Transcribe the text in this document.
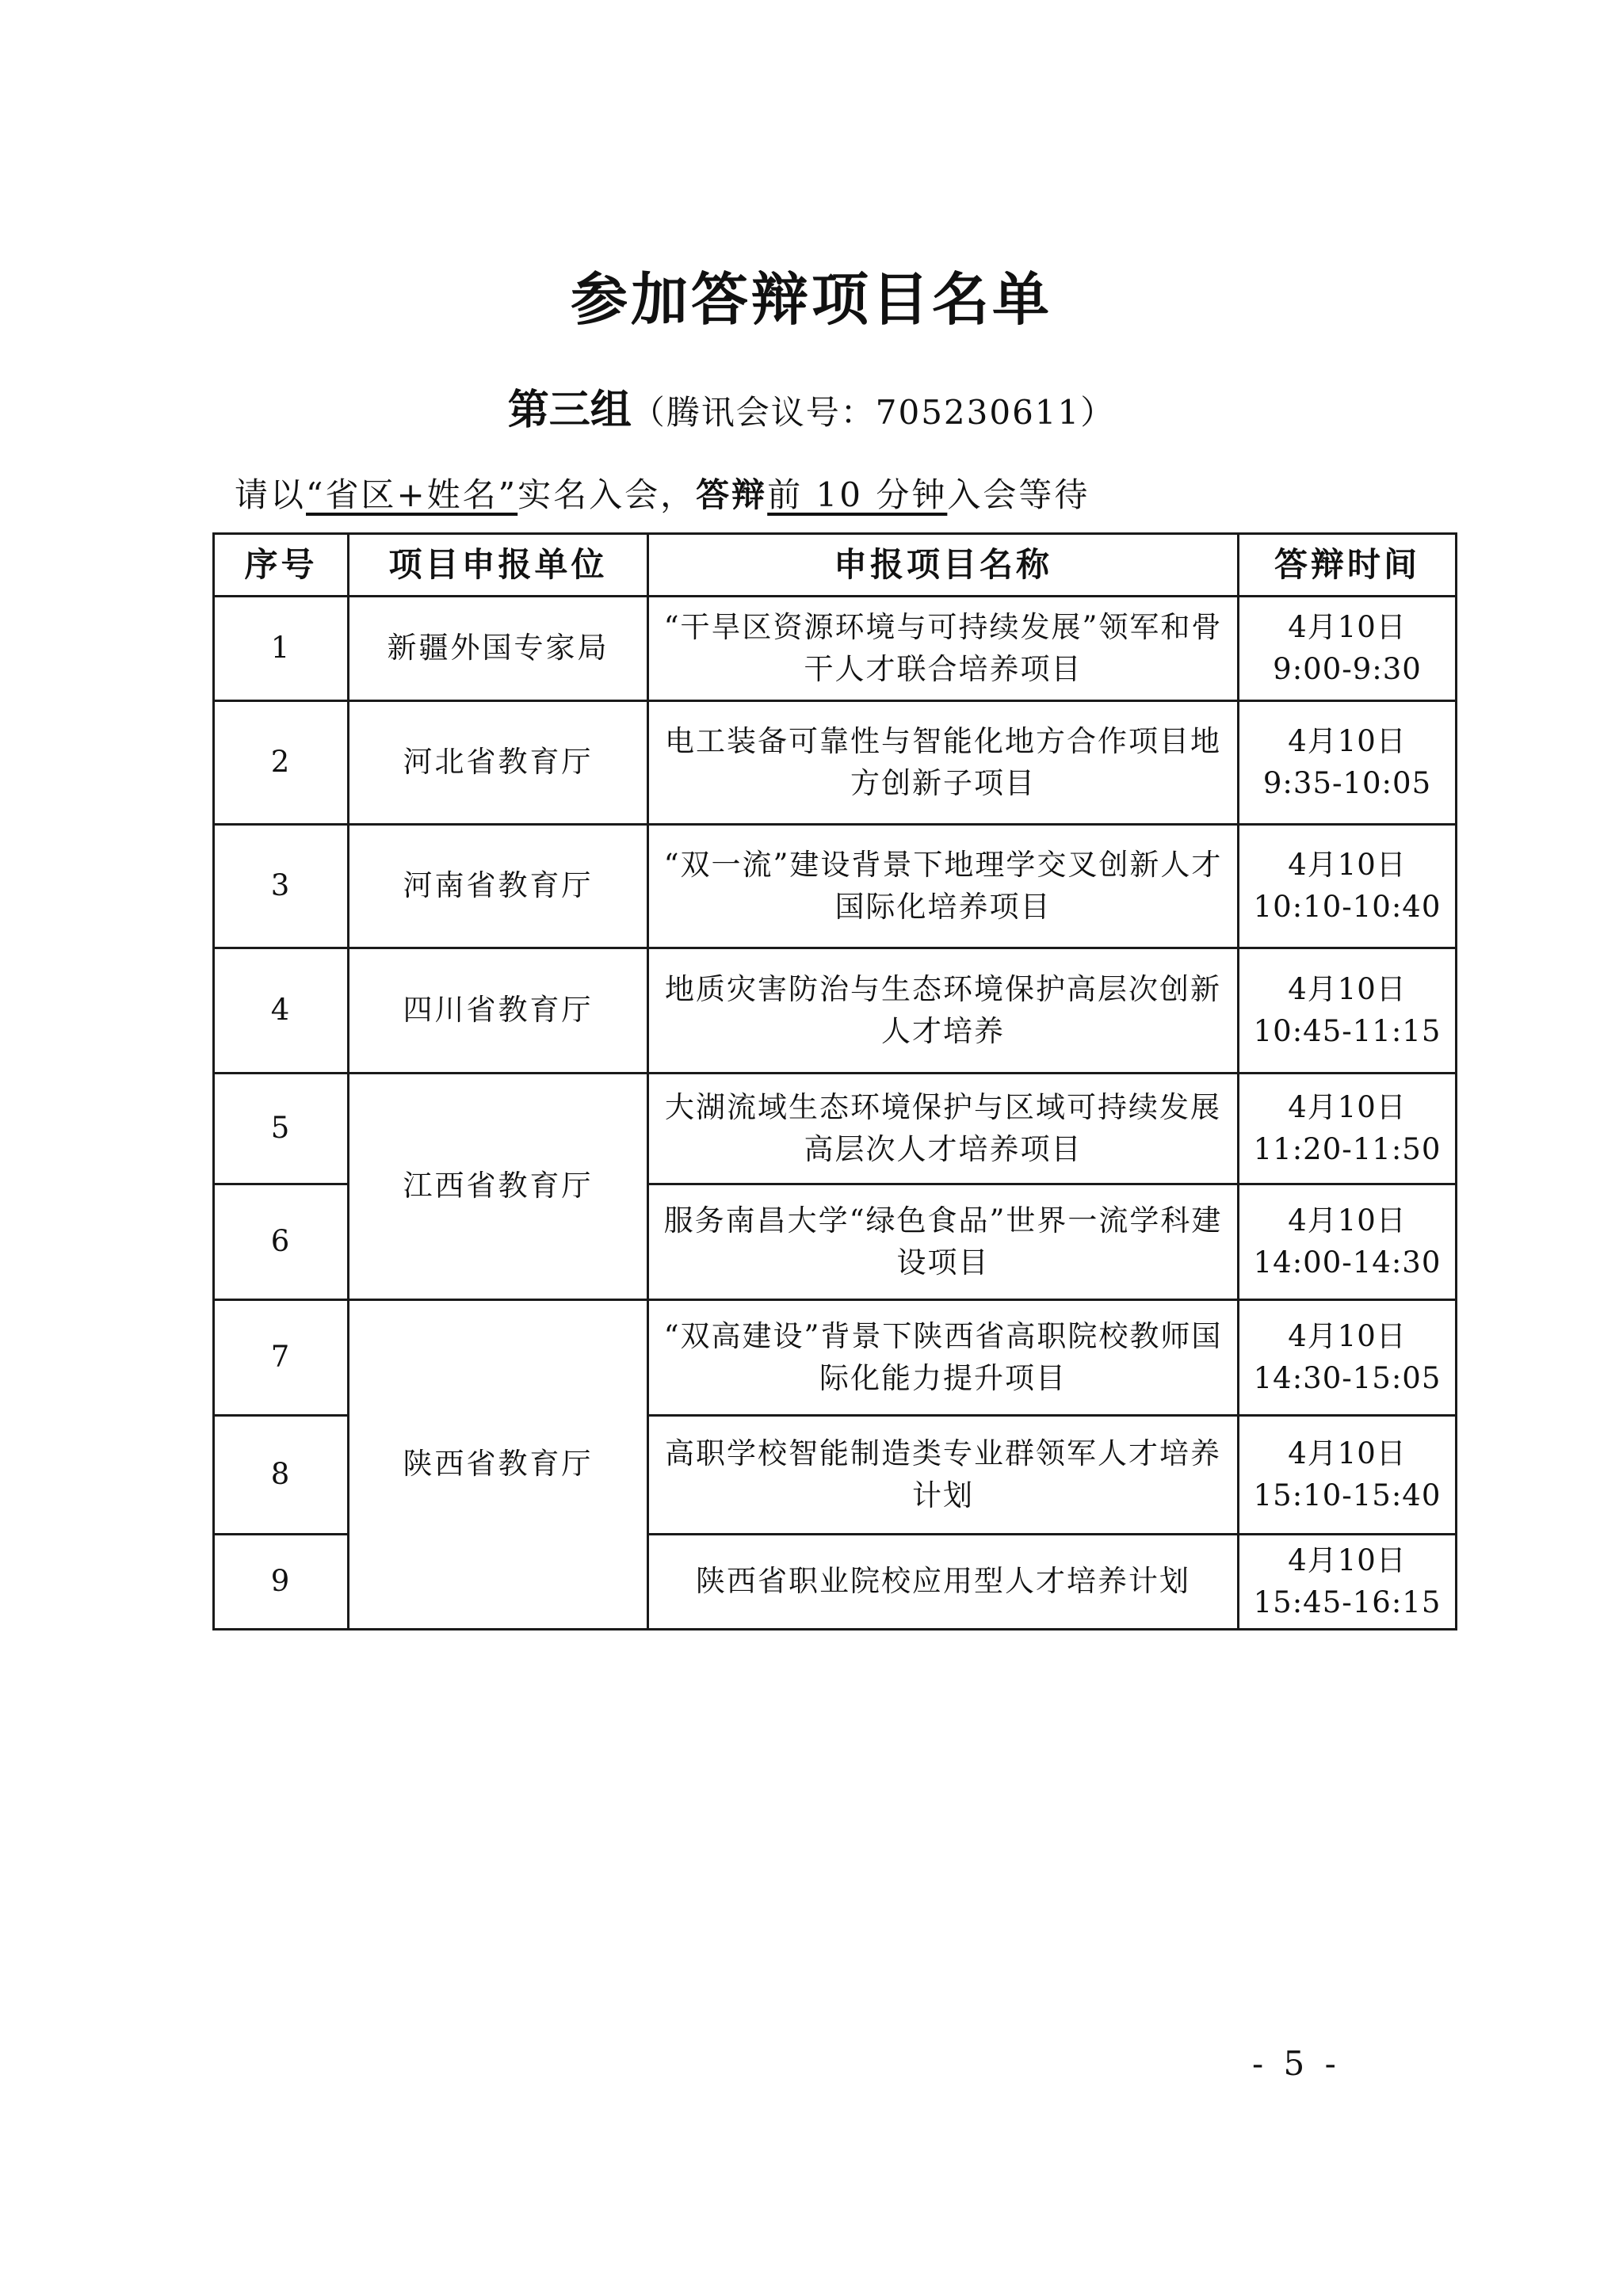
参加答辩项目名单
第三组（腾讯会议号：705230611）
请以“省区+姓名”实名入会，答辩前 10 分钟入会等待
序号	项目申报单位	申报项目名称	答辩时间
1	新疆外国专家局	“干旱区资源环境与可持续发展”领军和骨干人才联合培养项目	4月10日
9:00-9:30

2	河北省教育厅	电工装备可靠性与智能化地方合作项目地方创新子项目	4月10日
9:35-10:05

3	河南省教育厅	“双一流”建设背景下地理学交叉创新人才国际化培养项目	4月10日
10:10-10:40

4	四川省教育厅	地质灾害防治与生态环境保护高层次创新人才培养	4月10日
10:45-11:15

5	江西省教育厅	大湖流域生态环境保护与区域可持续发展高层次人才培养项目	4月10日
11:20-11:50

6		服务南昌大学“绿色食品”世界一流学科建设项目	4月10日
14:00-14:30

7	陕西省教育厅	“双高建设”背景下陕西省高职院校教师国际化能力提升项目	4月10日
14:30-15:05

8		高职学校智能制造类专业群领军人才培养计划	4月10日
15:10-15:40

9		陕西省职业院校应用型人才培养计划	4月10日
15:45-16:15
- 5 -
